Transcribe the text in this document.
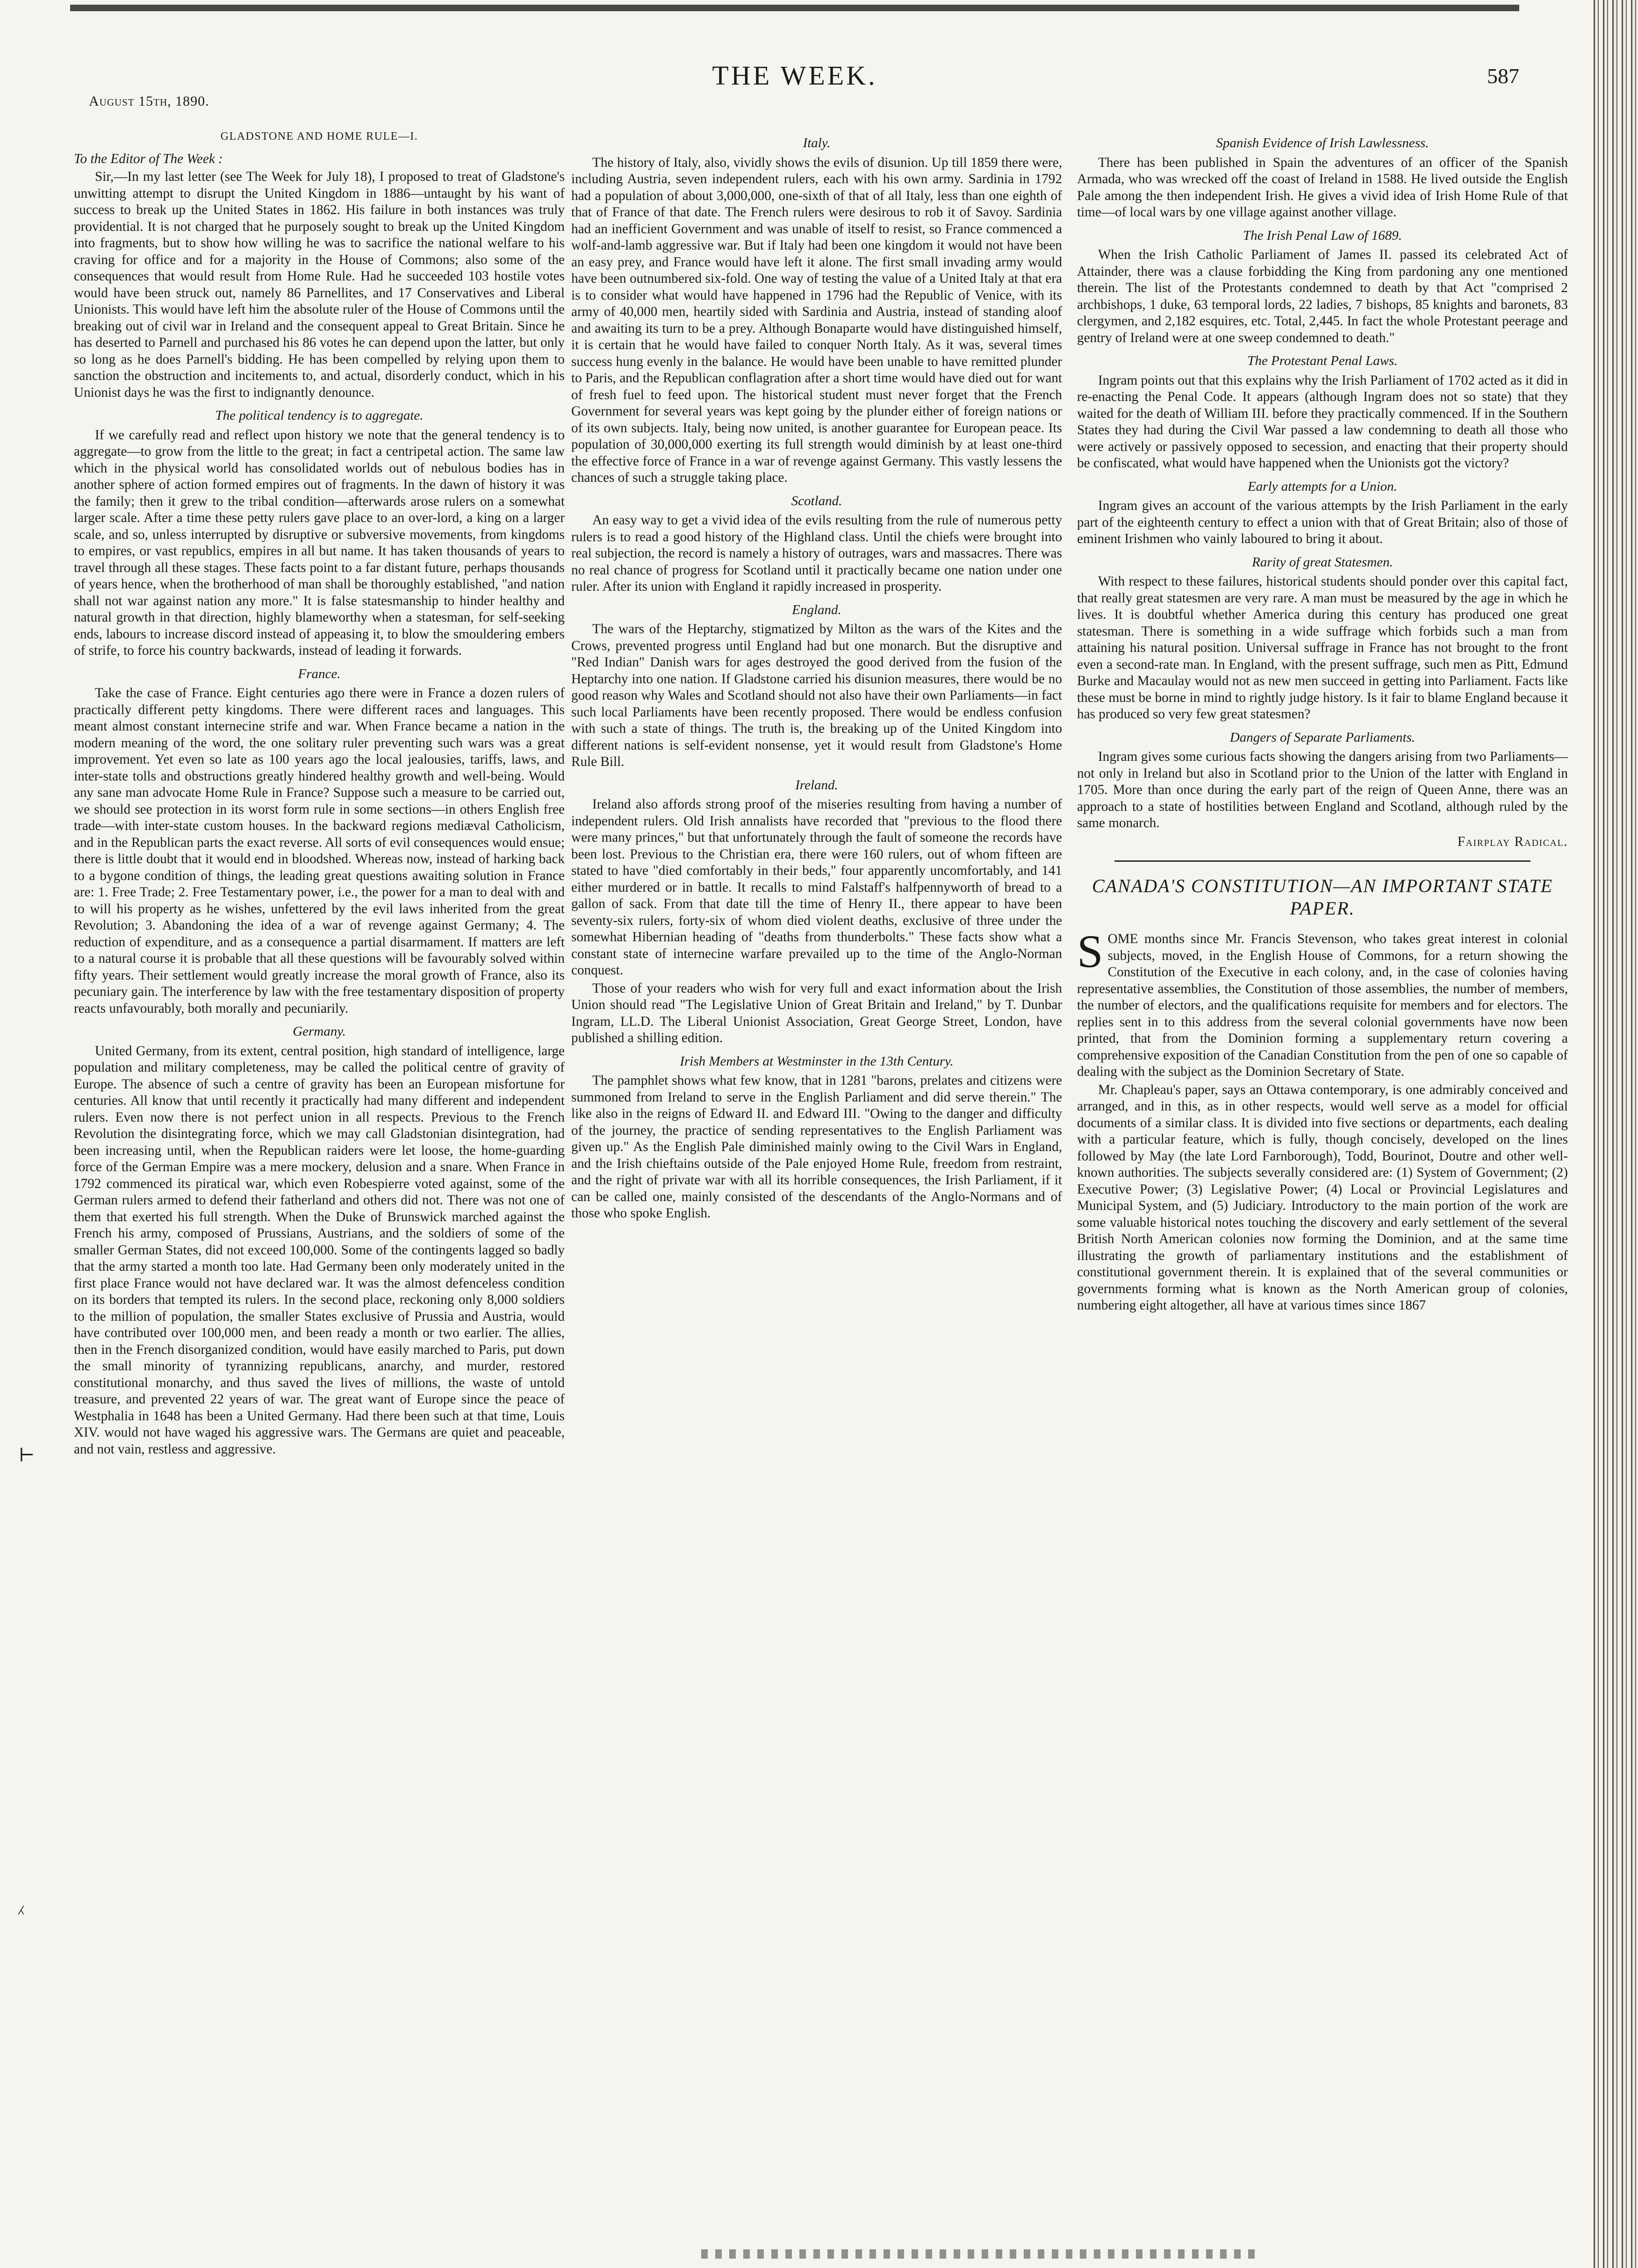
August 15th, 1890.
THE WEEK.	587
GLADSTONE AND HOME RULE—I.

To the Editor of The Week :

Sir,—In my last letter (see The Week for July 18), I proposed to treat of Gladstone's unwitting attempt to disrupt the United Kingdom in 1886—untaught by his want of success to break up the United States in 1862. His failure in both instances was truly providential. It is not charged that he purposely sought to break up the United Kingdom into fragments, but to show how willing he was to sacrifice the national welfare to his craving for office and for a majority in the House of Commons; also some of the consequences that would result from Home Rule. Had he succeeded 103 hostile votes would have been struck out, namely 86 Parnellites, and 17 Conservatives and Liberal Unionists. This would have left him the absolute ruler of the House of Commons until the breaking out of civil war in Ireland and the consequent appeal to Great Britain. Since he has deserted to Parnell and purchased his 86 votes he can depend upon the latter, but only so long as he does Parnell's bidding. He has been compelled by relying upon them to sanction the obstruction and incitements to, and actual, disorderly conduct, which in his Unionist days he was the first to indignantly denounce.

The political tendency is to aggregate.

If we carefully read and reflect upon history we note that the general tendency is to aggregate—to grow from the little to the great; in fact a centripetal action. The same law which in the physical world has consolidated worlds out of nebulous bodies has in another sphere of action formed empires out of fragments. In the dawn of history it was the family; then it grew to the tribal condition—afterwards arose rulers on a somewhat larger scale. After a time these petty rulers gave place to an over-lord, a king on a larger scale, and so, unless interrupted by disruptive or subversive movements, from kingdoms to empires, or vast republics, empires in all but name. It has taken thousands of years to travel through all these stages. These facts point to a far distant future, perhaps thousands of years hence, when the brotherhood of man shall be thoroughly established, "and nation shall not war against nation any more." It is false statesmanship to hinder healthy and natural growth in that direction, highly blameworthy when a statesman, for self-seeking ends, labours to increase discord instead of appeasing it, to blow the smouldering embers of strife, to force his country backwards, instead of leading it forwards.

France.

Take the case of France. Eight centuries ago there were in France a dozen rulers of practically different petty kingdoms. There were different races and languages. This meant almost constant internecine strife and war. When France became a nation in the modern meaning of the word, the one solitary ruler preventing such wars was a great improvement. Yet even so late as 100 years ago the local jealousies, tariffs, laws, and inter-state tolls and obstructions greatly hindered healthy growth and well-being. Would any sane man advocate Home Rule in France? Suppose such a measure to be carried out, we should see protection in its worst form rule in some sections—in others English free trade—with inter-state custom houses. In the backward regions mediæval Catholicism, and in the Republican parts the exact reverse. All sorts of evil consequences would ensue; there is little doubt that it would end in bloodshed. Whereas now, instead of harking back to a bygone condition of things, the leading great questions awaiting solution in France are: 1. Free Trade; 2. Free Testamentary power, i.e., the power for a man to deal with and to will his property as he wishes, unfettered by the evil laws inherited from the great Revolution; 3. Abandoning the idea of a war of revenge against Germany; 4. The reduction of expenditure, and as a consequence a partial disarmament. If matters are left to a natural course it is probable that all these questions will be favourably solved within fifty years. Their settlement would greatly increase the moral growth of France, also its pecuniary gain. The interference by law with the free testamentary disposition of property reacts unfavourably, both morally and pecuniarily.

Germany.

United Germany, from its extent, central position, high standard of intelligence, large population and military completeness, may be called the political centre of gravity of Europe. The absence of such a centre of gravity has been an European misfortune for centuries. All know that until recently it practically had many different and independent rulers. Even now there is not perfect union in all respects. Previous to the French Revolution the disintegrating force, which we may call Gladstonian disintegration, had been increasing until, when the Republican raiders were let loose, the home-guarding force of the German Empire was a mere mockery, delusion and a snare. When France in 1792 commenced its piratical war, which even Robespierre voted against, some of the German rulers armed to defend their fatherland and others did not. There was not one of them that exerted his full strength. When the Duke of Brunswick marched against the French his army, composed of Prussians, Austrians, and the soldiers of some of the smaller German States, did not exceed 100,000. Some of the contingents lagged so badly that the army started a month too late. Had Germany been only moderately united in the first place France would not have declared war. It was the almost defenceless condition on its borders that tempted its rulers. In the second place, reckoning only 8,000 soldiers to the million of population, the smaller States exclusive of Prussia and Austria, would have contributed over 100,000 men, and been ready a month or two earlier. The allies, then in the French disorganized condition, would have easily marched to Paris, put down the small minority of tyrannizing republicans, anarchy, and murder, restored constitutional monarchy, and thus saved the lives of millions, the waste of untold treasure, and prevented 22 years of war. The great want of Europe since the peace of Westphalia in 1648 has been a United Germany. Had there been such at that time, Louis XIV. would not have waged his aggressive wars. The Germans are quiet and peaceable, and not vain, restless and aggressive.

Italy.

The history of Italy, also, vividly shows the evils of disunion. Up till 1859 there were, including Austria, seven independent rulers, each with his own army. Sardinia in 1792 had a population of about 3,000,000, one-sixth of that of all Italy, less than one eighth of that of France of that date. The French rulers were desirous to rob it of Savoy. Sardinia had an inefficient Government and was unable of itself to resist, so France commenced a wolf-and-lamb aggressive war. But if Italy had been one kingdom it would not have been an easy prey, and France would have left it alone. The first small invading army would have been outnumbered six-fold. One way of testing the value of a United Italy at that era is to consider what would have happened in 1796 had the Republic of Venice, with its army of 40,000 men, heartily sided with Sardinia and Austria, instead of standing aloof and awaiting its turn to be a prey. Although Bonaparte would have distinguished himself, it is certain that he would have failed to conquer North Italy. As it was, several times success hung evenly in the balance. He would have been unable to have remitted plunder to Paris, and the Republican conflagration after a short time would have died out for want of fresh fuel to feed upon. The historical student must never forget that the French Government for several years was kept going by the plunder either of foreign nations or of its own subjects. Italy, being now united, is another guarantee for European peace. Its population of 30,000,000 exerting its full strength would diminish by at least one-third the effective force of France in a war of revenge against Germany. This vastly lessens the chances of such a struggle taking place.

Scotland.

An easy way to get a vivid idea of the evils resulting from the rule of numerous petty rulers is to read a good history of the Highland class. Until the chiefs were brought into real subjection, the record is namely a history of outrages, wars and massacres. There was no real chance of progress for Scotland until it practically became one nation under one ruler. After its union with England it rapidly increased in prosperity.

England.

The wars of the Heptarchy, stigmatized by Milton as the wars of the Kites and the Crows, prevented progress until England had but one monarch. But the disruptive and "Red Indian" Danish wars for ages destroyed the good derived from the fusion of the Heptarchy into one nation. If Gladstone carried his disunion measures, there would be no good reason why Wales and Scotland should not also have their own Parliaments—in fact such local Parliaments have been recently proposed. There would be endless confusion with such a state of things. The truth is, the breaking up of the United Kingdom into different nations is self-evident nonsense, yet it would result from Gladstone's Home Rule Bill.

Ireland.

Ireland also affords strong proof of the miseries resulting from having a number of independent rulers. Old Irish annalists have recorded that "previous to the flood there were many princes," but that unfortunately through the fault of someone the records have been lost. Previous to the Christian era, there were 160 rulers, out of whom fifteen are stated to have "died comfortably in their beds," four apparently uncomfortably, and 141 either murdered or in battle. It recalls to mind Falstaff's halfpennyworth of bread to a gallon of sack. From that date till the time of Henry II., there appear to have been seventy-six rulers, forty-six of whom died violent deaths, exclusive of three under the somewhat Hibernian heading of "deaths from thunderbolts." These facts show what a constant state of internecine warfare prevailed up to the time of the Anglo-Norman conquest.

Those of your readers who wish for very full and exact information about the Irish Union should read "The Legislative Union of Great Britain and Ireland," by T. Dunbar Ingram, LL.D. The Liberal Unionist Association, Great George Street, London, have published a shilling edition.

Irish Members at Westminster in the 13th Century.

The pamphlet shows what few know, that in 1281 "barons, prelates and citizens were summoned from Ireland to serve in the English Parliament and did serve therein." The like also in the reigns of Edward II. and Edward III. "Owing to the danger and difficulty of the journey, the practice of sending representatives to the English Parliament was given up." As the English Pale diminished mainly owing to the Civil Wars in England, and the Irish chieftains outside of the Pale enjoyed Home Rule, freedom from restraint, and the right of private war with all its horrible consequences, the Irish Parliament, if it can be called one, mainly consisted of the descendants of the Anglo-Normans and of those who spoke English.

Spanish Evidence of Irish Lawlessness.

There has been published in Spain the adventures of an officer of the Spanish Armada, who was wrecked off the coast of Ireland in 1588. He lived outside the English Pale among the then independent Irish. He gives a vivid idea of Irish Home Rule of that time—of local wars by one village against another village.

The Irish Penal Law of 1689.

When the Irish Catholic Parliament of James II. passed its celebrated Act of Attainder, there was a clause forbidding the King from pardoning any one mentioned therein. The list of the Protestants condemned to death by that Act "comprised 2 archbishops, 1 duke, 63 temporal lords, 22 ladies, 7 bishops, 85 knights and baronets, 83 clergymen, and 2,182 esquires, etc. Total, 2,445. In fact the whole Protestant peerage and gentry of Ireland were at one sweep condemned to death."

The Protestant Penal Laws.

Ingram points out that this explains why the Irish Parliament of 1702 acted as it did in re-enacting the Penal Code. It appears (although Ingram does not so state) that they waited for the death of William III. before they practically commenced. If in the Southern States they had during the Civil War passed a law condemning to death all those who were actively or passively opposed to secession, and enacting that their property should be confiscated, what would have happened when the Unionists got the victory?

Early attempts for a Union.

Ingram gives an account of the various attempts by the Irish Parliament in the early part of the eighteenth century to effect a union with that of Great Britain; also of those of eminent Irishmen who vainly laboured to bring it about.

Rarity of great Statesmen.

With respect to these failures, historical students should ponder over this capital fact, that really great statesmen are very rare. A man must be measured by the age in which he lives. It is doubtful whether America during this century has produced one great statesman. There is something in a wide suffrage which forbids such a man from attaining his natural position. Universal suffrage in France has not brought to the front even a second-rate man. In England, with the present suffrage, such men as Pitt, Edmund Burke and Macaulay would not as new men succeed in getting into Parliament. Facts like these must be borne in mind to rightly judge history. Is it fair to blame England because it has produced so very few great statesmen?

Dangers of Separate Parliaments.

Ingram gives some curious facts showing the dangers arising from two Parliaments—not only in Ireland but also in Scotland prior to the Union of the latter with England in 1705. More than once during the early part of the reign of Queen Anne, there was an approach to a state of hostilities between England and Scotland, although ruled by the same monarch.

Fairplay Radical.
CANADA'S CONSTITUTION—AN IMPORTANT STATE PAPER.

SOME months since Mr. Francis Stevenson, who takes great interest in colonial subjects, moved, in the English House of Commons, for a return showing the Constitution of the Executive in each colony, and, in the case of colonies having representative assemblies, the Constitution of those assemblies, the number of members, the number of electors, and the qualifications requisite for members and for electors. The replies sent in to this address from the several colonial governments have now been printed, that from the Dominion forming a supplementary return covering a comprehensive exposition of the Canadian Constitution from the pen of one so capable of dealing with the subject as the Dominion Secretary of State.

Mr. Chapleau's paper, says an Ottawa contemporary, is one admirably conceived and arranged, and in this, as in other respects, would well serve as a model for official documents of a similar class. It is divided into five sections or departments, each dealing with a particular feature, which is fully, though concisely, developed on the lines followed by May (the late Lord Farnborough), Todd, Bourinot, Doutre and other well-known authorities. The subjects severally considered are: (1) System of Government; (2) Executive Power; (3) Legislative Power; (4) Local or Provincial Legislatures and Municipal System, and (5) Judiciary. Introductory to the main portion of the work are some valuable historical notes touching the discovery and early settlement of the several British North American colonies now forming the Dominion, and at the same time illustrating the growth of parliamentary institutions and the establishment of constitutional government therein. It is explained that of the several communities or governments forming what is known as the North American group of colonies, numbering eight altogether, all have at various times since 1867

⊢
⁁
